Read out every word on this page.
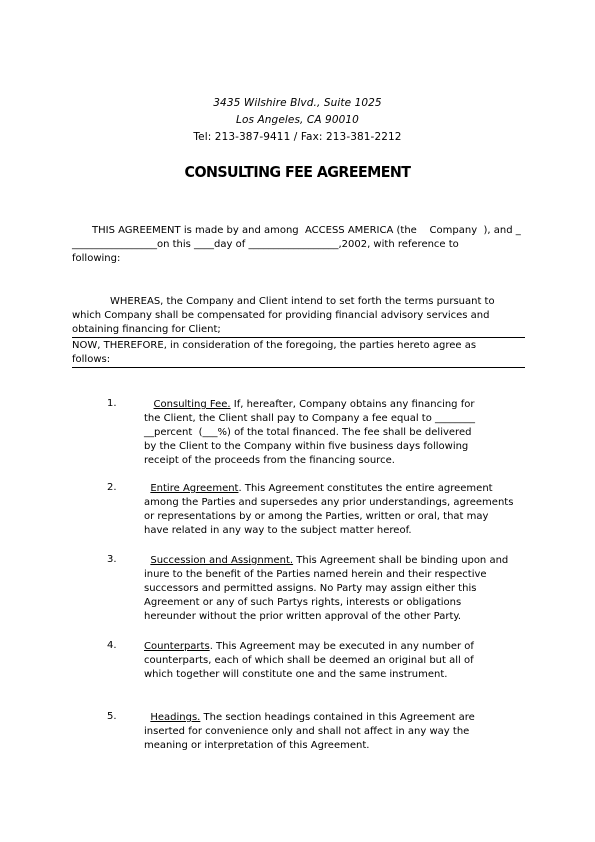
3435 Wilshire Blvd., Suite 1025
Los Angeles, CA 90010
Tel: 213-387-9411 / Fax: 213-381-2212
CONSULTING FEE AGREEMENT
THIS AGREEMENT is made by and among  ACCESS AMERICA (the    Company  ), and _
_________________on this ____day of __________________,2002, with reference to
following:
WHEREAS, the Company and Client intend to set forth the terms pursuant to
which Company shall be compensated for providing financial advisory services and
obtaining financing for Client;
NOW, THEREFORE, in consideration of the foregoing, the parties hereto agree as
follows:
1.	Consulting Fee. If, hereafter, Company obtains any financing for
the Client, the Client shall pay to Company a fee equal to ________
__percent  (___%) of the total financed. The fee shall be delivered
by the Client to the Company within five business days following
receipt of the proceeds from the financing source.
2.	Entire Agreement. This Agreement constitutes the entire agreement
among the Parties and supersedes any prior understandings, agreements
or representations by or among the Parties, written or oral, that may
have related in any way to the subject matter hereof.
3.	Succession and Assignment. This Agreement shall be binding upon and
inure to the benefit of the Parties named herein and their respective
successors and permitted assigns. No Party may assign either this
Agreement or any of such Partys rights, interests or obligations
hereunder without the prior written approval of the other Party.
4.	Counterparts. This Agreement may be executed in any number of
counterparts, each of which shall be deemed an original but all of
which together will constitute one and the same instrument.
5.	Headings. The section headings contained in this Agreement are
inserted for convenience only and shall not affect in any way the
meaning or interpretation of this Agreement.
